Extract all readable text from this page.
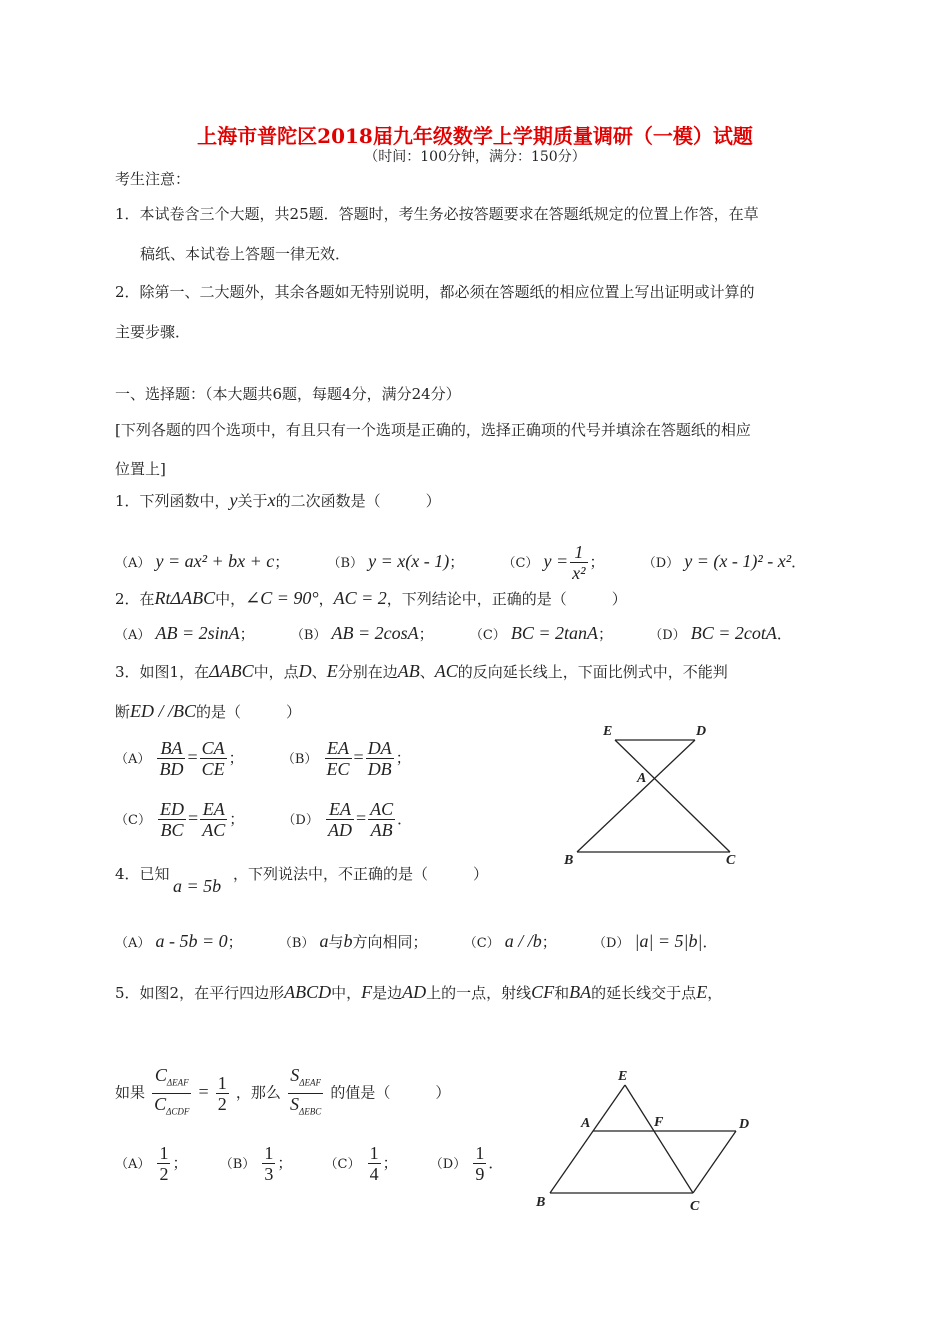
上海市普陀区2018届九年级数学上学期质量调研（一模）试题
（时间：100分钟，满分：150分）
考生注意：
1．本试卷含三个大题，共25题．答题时，考生务必按答题要求在答题纸规定的位置上作答，在草
稿纸、本试卷上答题一律无效．
2．除第一、二大题外，其余各题如无特别说明，都必须在答题纸的相应位置上写出证明或计算的
主要步骤．
一、选择题：（本大题共6题，每题4分，满分24分）
[下列各题的四个选项中，有且只有一个选项是正确的，选择正确项的代号并填涂在答题纸的相应
位置上]
1．下列函数中，y关于x的二次函数是（　　　）
（A） y = ax² + bx + c；	（B） y = x(x - 1)；	（C） $y = \frac{1}{\text{x²}}$ ；	（D） y = (x - 1)² - x²．
2．在RtΔABC中，∠C = 90°，AC = 2，下列结论中，正确的是（　　　）
（A） AB = 2sinA；	（B） AB = 2cosA；	（C） BC = 2tanA；	（D） BC = 2cotA．
3．如图1，在ΔABC中，点D、E分别在边AB、AC的反向延长线上，下面比例式中，不能判
断ED / /BC的是（　　　）
$(A) \frac{BA}{BD} = \frac{CA}{CE}$ ；	$(B) \frac{EA}{EC} = \frac{DA}{DB}$ ；
$(C) \frac{ED}{BC} = \frac{EA}{AC}$ ；	$(D) \frac{EA}{AD} = \frac{AC}{AB}$ ．
E	D
A
B	C
4．已知
a = 5b
，下列说法中，不正确的是（　　　）
（A） a - 5b = 0；	（B） a与b方向相同；	（C） a / /b；	（D） |a| = 5|b|．
5．如图2，在平行四边形ABCD中，F是边AD上的一点，射线CF和BA的延长线交于点E，
如果 $\frac{C_{\Delta EAF}}{C_{\Delta CDF}} = \frac{1}{2}$ ，那么 $\frac{S_{\Delta EAF}}{S_{\Delta EBC}}$ 的值是（　　　）
$(A) \frac{1}{2}$ ； $(B) \frac{1}{3}$ ； $(C) \frac{1}{4}$ ； $(D) \frac{1}{9}$ ．
E
A	F	D
B	C
